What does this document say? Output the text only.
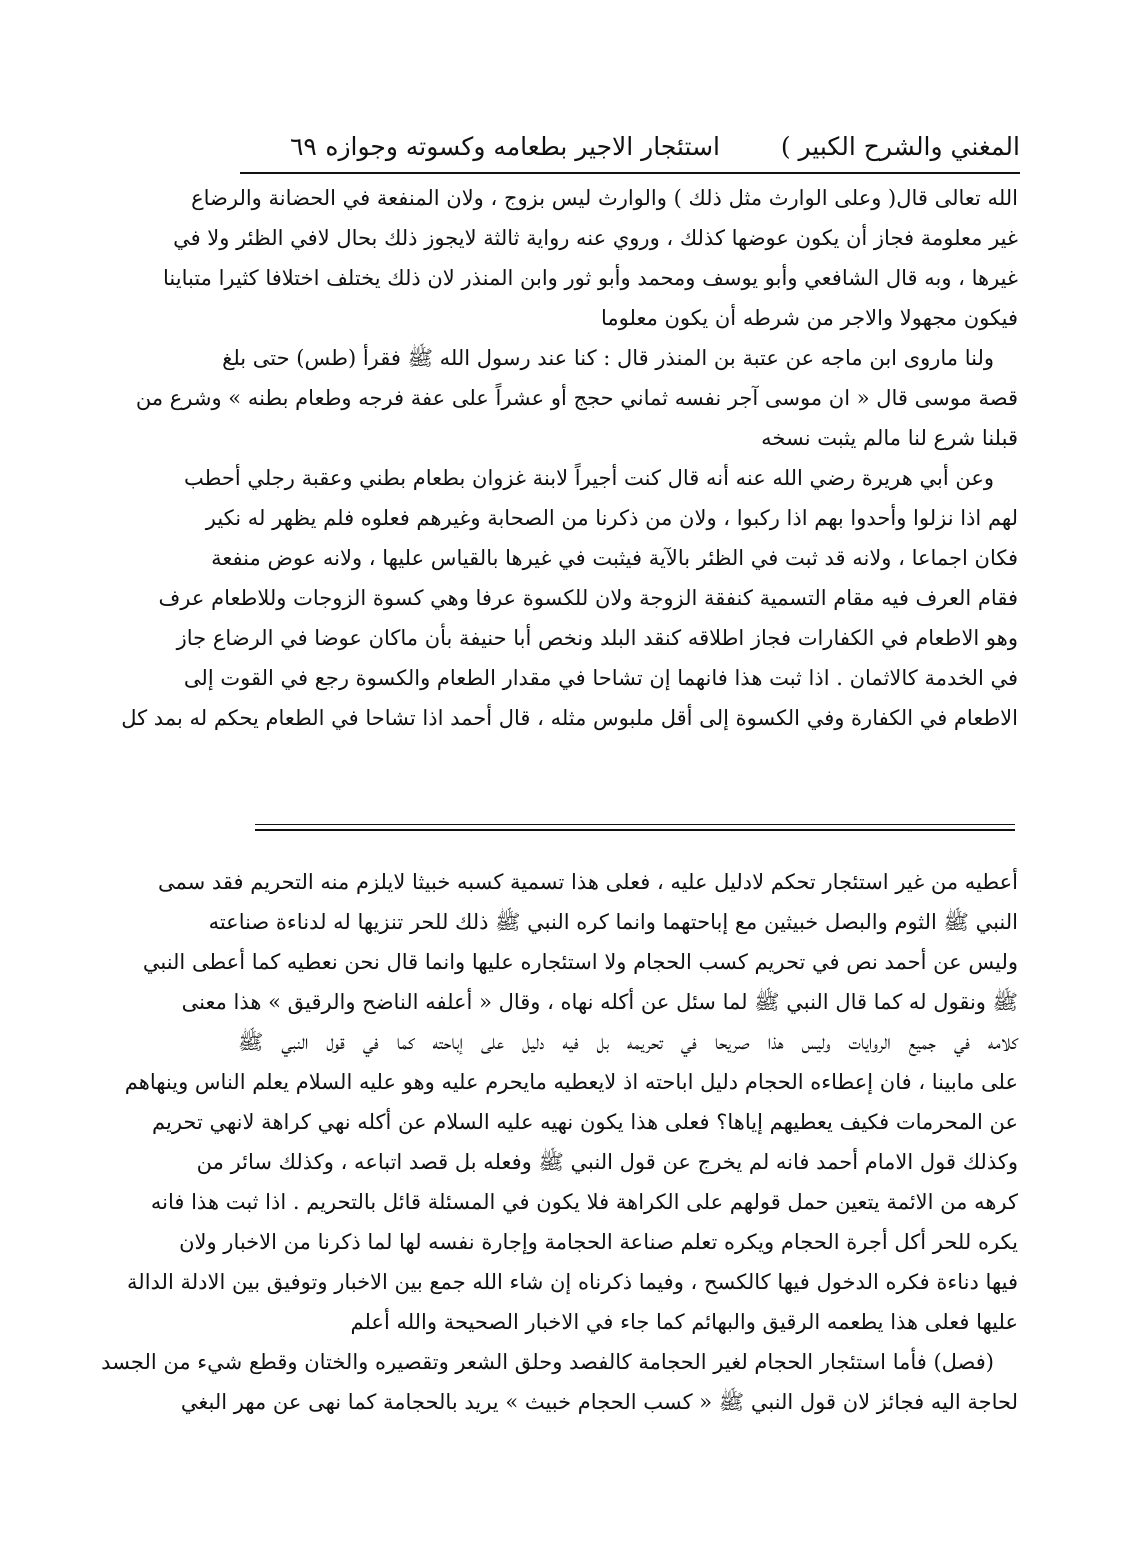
المغني والشرح الكبير )
استئجار الاجير بطعامه وكسوته وجوازه
٦٩
الله تعالى قال( وعلى الوارث مثل ذلك ) والوارث ليس بزوج ، ولان المنفعة في الحضانة والرضاع
غير معلومة فجاز أن يكون عوضها كذلك ، وروي عنه رواية ثالثة لايجوز ذلك بحال لافي الظئر ولا في
غيرها ، وبه قال الشافعي وأبو يوسف ومحمد وأبو ثور وابن المنذر لان ذلك يختلف اختلافا كثيرا متباينا
فيكون مجهولا والاجر من شرطه أن يكون معلوما
ولنا ماروى ابن ماجه عن عتبة بن المنذر قال : كنا عند رسول الله ﷺ فقرأ (طس) حتى بلغ
قصة موسى قال « ان موسى آجر نفسه ثماني حجج أو عشراً على عفة فرجه وطعام بطنه » وشرع من
قبلنا شرع لنا مالم يثبت نسخه
وعن أبي هريرة رضي الله عنه أنه قال كنت أجيراً لابنة غزوان بطعام بطني وعقبة رجلي أحطب
لهم اذا نزلوا وأحدوا بهم اذا ركبوا ، ولان من ذكرنا من الصحابة وغيرهم فعلوه فلم يظهر له نكير
فكان اجماعا ، ولانه قد ثبت في الظئر بالآية فيثبت في غيرها بالقياس عليها ، ولانه عوض منفعة
فقام العرف فيه مقام التسمية كنفقة الزوجة ولان للكسوة عرفا وهي كسوة الزوجات وللاطعام عرف
وهو الاطعام في الكفارات فجاز اطلاقه كنقد البلد ونخص أبا حنيفة بأن ماكان عوضا في الرضاع جاز
في الخدمة كالاثمان . اذا ثبت هذا فانهما إن تشاحا في مقدار الطعام والكسوة رجع في القوت إلى
الاطعام في الكفارة وفي الكسوة إلى أقل ملبوس مثله ، قال أحمد اذا تشاحا في الطعام يحكم له بمد كل
أعطيه من غير استئجار تحكم لادليل عليه ، فعلى هذا تسمية كسبه خبيثا لايلزم منه التحريم فقد سمى
النبي ﷺ الثوم والبصل خبيثين مع إباحتهما وانما كره النبي ﷺ ذلك للحر تنزيها له لدناءة صناعته
وليس عن أحمد نص في تحريم كسب الحجام ولا استئجاره عليها وانما قال نحن نعطيه كما أعطى النبي
ﷺ ونقول له كما قال النبي ﷺ لما سئل عن أكله نهاه ، وقال « أعلفه الناضح والرقيق » هذا معنى
كلامه في جميع الروايات وليس هذا صريحا في تحريمه بل فيه دليل على إباحته كما في قول النبي ﷺ
على مابينا ، فان إعطاءه الحجام دليل اباحته اذ لايعطيه مايحرم عليه وهو عليه السلام يعلم الناس وينهاهم
عن المحرمات فكيف يعطيهم إياها؟ فعلى هذا يكون نهيه عليه السلام عن أكله نهي كراهة لانهي تحريم
وكذلك قول الامام أحمد فانه لم يخرج عن قول النبي ﷺ وفعله بل قصد اتباعه ، وكذلك سائر من
كرهه من الائمة يتعين حمل قولهم على الكراهة فلا يكون في المسئلة قائل بالتحريم . اذا ثبت هذا فانه
يكره للحر أكل أجرة الحجام ويكره تعلم صناعة الحجامة وإجارة نفسه لها لما ذكرنا من الاخبار ولان
فيها دناءة فكره الدخول فيها كالكسح ، وفيما ذكرناه إن شاء الله جمع بين الاخبار وتوفيق بين الادلة الدالة
عليها فعلى هذا يطعمه الرقيق والبهائم كما جاء في الاخبار الصحيحة والله أعلم
(فصل) فأما استئجار الحجام لغير الحجامة كالفصد وحلق الشعر وتقصيره والختان وقطع شيء من الجسد
لحاجة اليه فجائز لان قول النبي ﷺ « كسب الحجام خبيث » يريد بالحجامة كما نهى عن مهر البغي
